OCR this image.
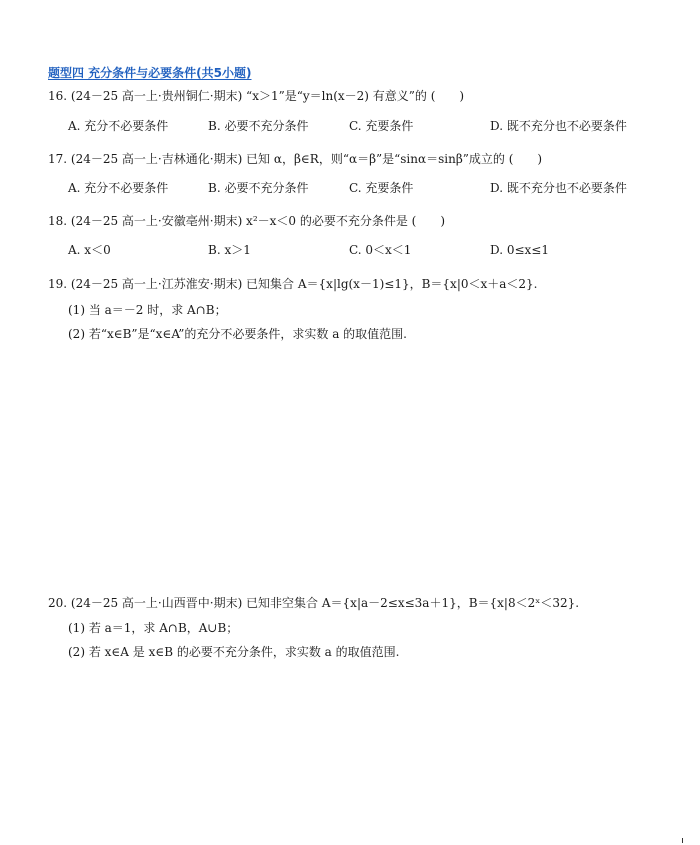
题型四 充分条件与必要条件(共5小题)
16. (24－25 高一上·贵州铜仁·期末) “x＞1”是“y＝ln(x－2) 有意义”的 (　　)
A. 充分不必要条件	B. 必要不充分条件	C. 充要条件	D. 既不充分也不必要条件
17. (24－25 高一上·吉林通化·期末) 已知 α，β∈R，则“α＝β”是“sinα＝sinβ”成立的 (　　)
A. 充分不必要条件	B. 必要不充分条件	C. 充要条件	D. 既不充分也不必要条件
18. (24－25 高一上·安徽亳州·期末) x²－x＜0 的必要不充分条件是 (　　)
A. x＜0	B. x＞1	C. 0＜x＜1	D. 0≤x≤1
19. (24－25 高一上·江苏淮安·期末) 已知集合 A＝{x|lg(x－1)≤1}，B＝{x|0＜x＋a＜2}.
(1) 当 a＝－2 时，求 A∩B；
(2) 若“x∈B”是“x∈A”的充分不必要条件，求实数 a 的取值范围.
20. (24－25 高一上·山西晋中·期末) 已知非空集合 A＝{x|a－2≤x≤3a＋1}，B＝{x|8＜2ˣ＜32}.
(1) 若 a＝1，求 A∩B，A∪B；
(2) 若 x∈A 是 x∈B 的必要不充分条件，求实数 a 的取值范围.
